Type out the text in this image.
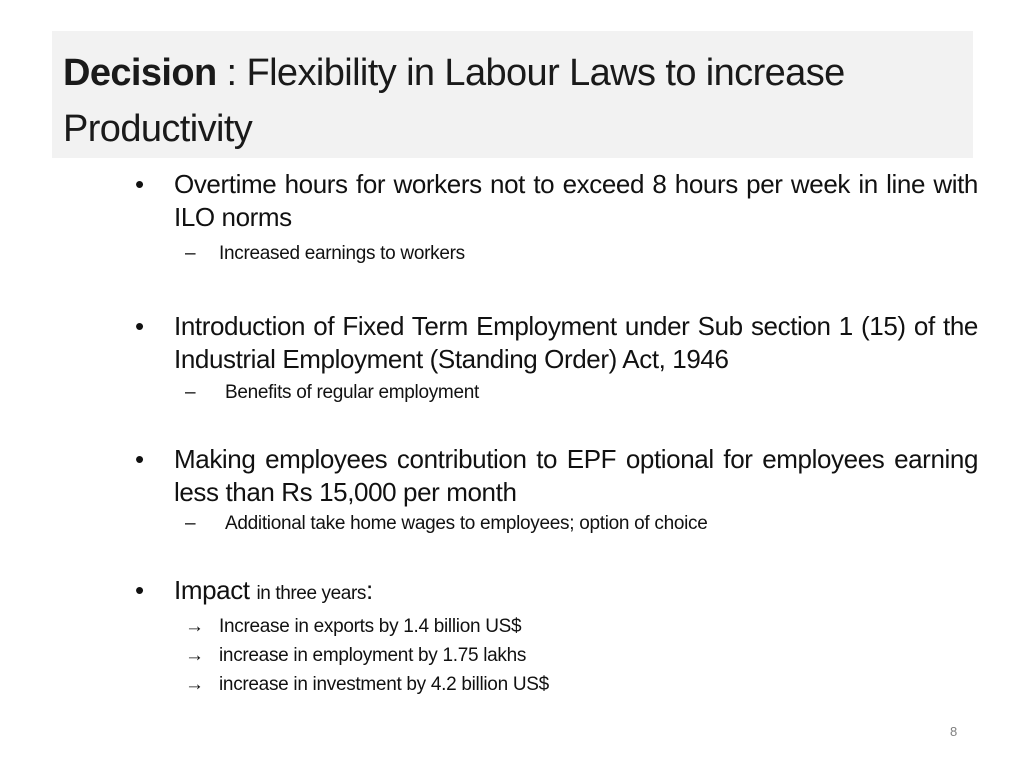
Decision : Flexibility in Labour Laws to increase Productivity
• Overtime hours for workers not to exceed 8 hours per week in line with ILO norms
– Increased earnings to workers
• Introduction of Fixed Term Employment under Sub section 1 (15) of the Industrial Employment (Standing Order) Act, 1946
– Benefits of regular employment
• Making employees contribution to EPF optional for employees earning less than Rs 15,000 per month
– Additional take home wages to employees; option of choice
• Impact in three years:
→ Increase in exports by 1.4 billion US$
→ increase in employment by 1.75 lakhs
→ increase in investment by 4.2 billion US$
8
